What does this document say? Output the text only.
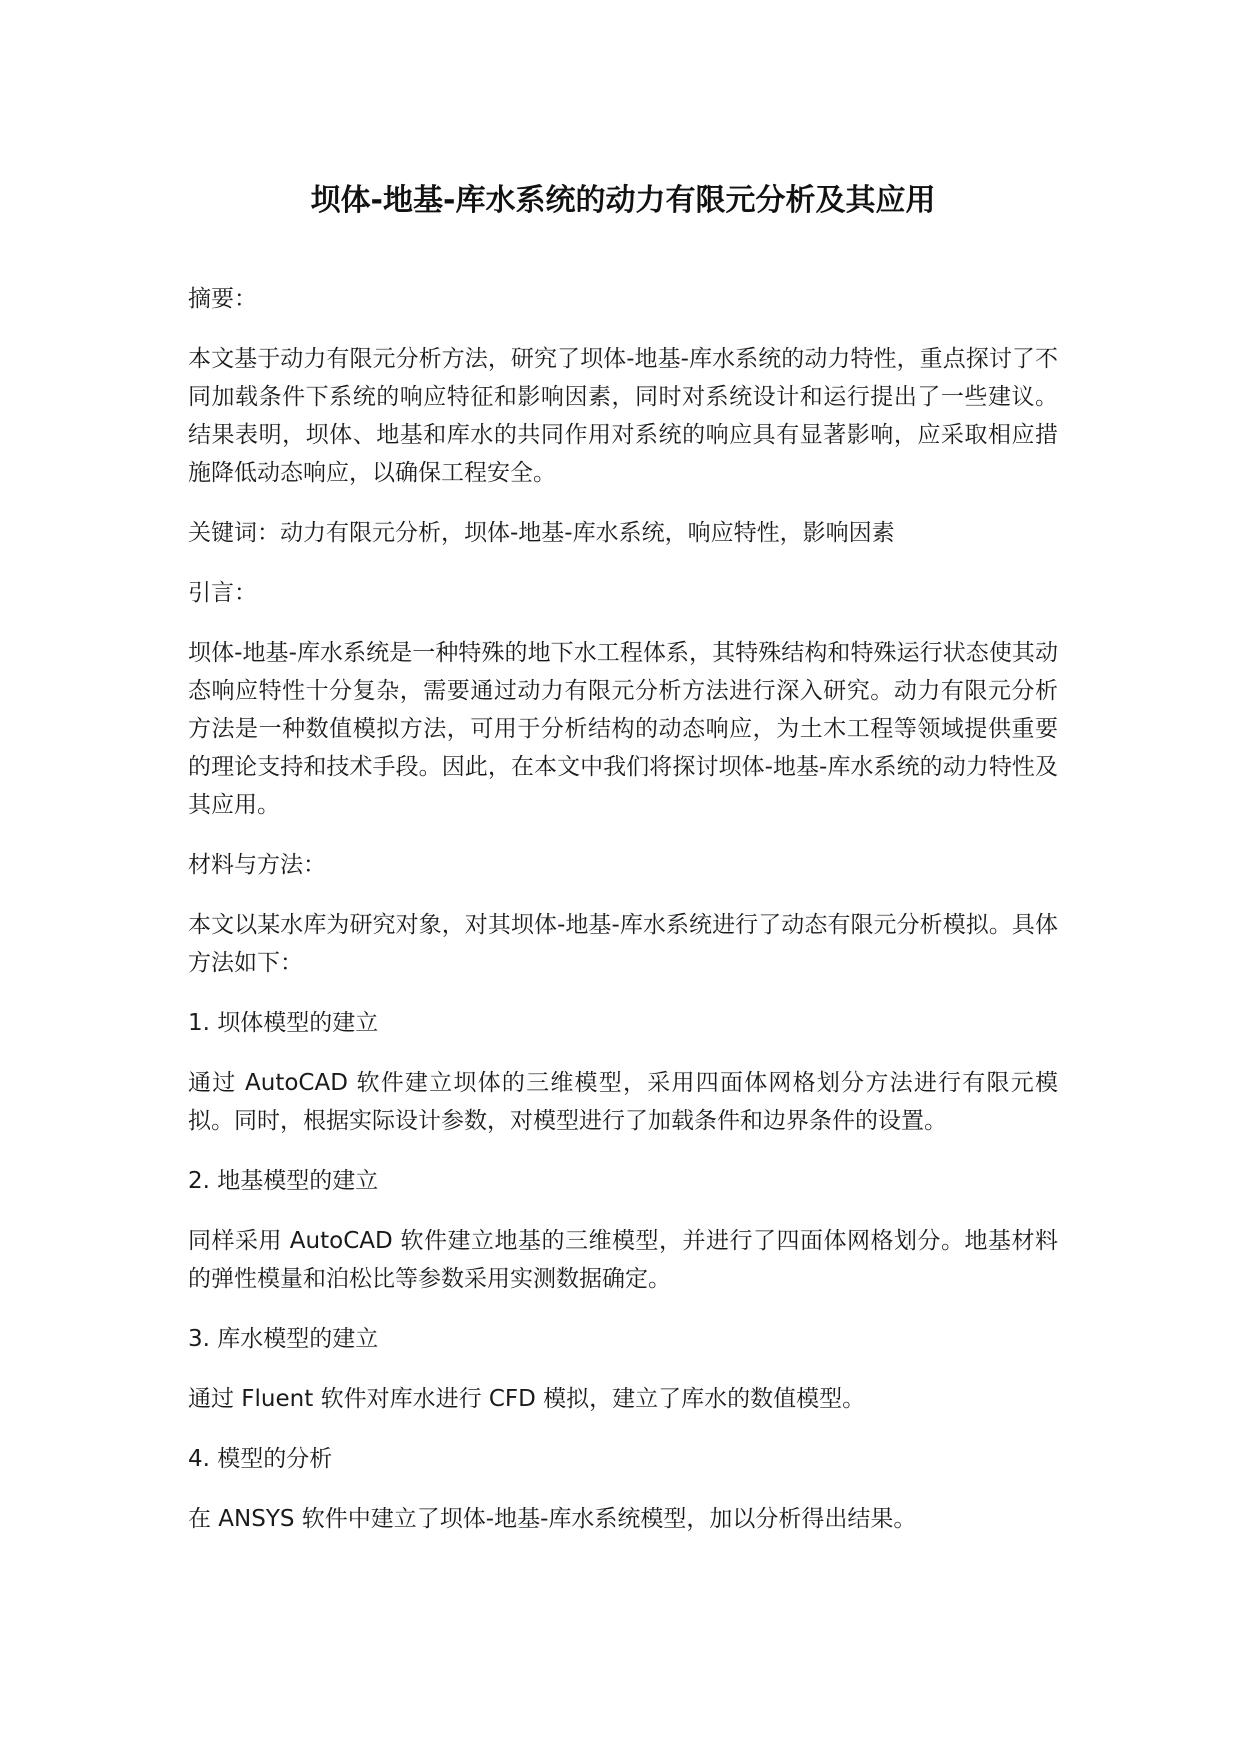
坝体-地基-库水系统的动力有限元分析及其应用

摘要：

本文基于动力有限元分析方法，研究了坝体-地基-库水系统的动力特性，重点探讨了不同加载条件下系统的响应特征和影响因素，同时对系统设计和运行提出了一些建议。结果表明，坝体、地基和库水的共同作用对系统的响应具有显著影响，应采取相应措施降低动态响应，以确保工程安全。

关键词：动力有限元分析，坝体-地基-库水系统，响应特性，影响因素

引言：

坝体-地基-库水系统是一种特殊的地下水工程体系，其特殊结构和特殊运行状态使其动态响应特性十分复杂，需要通过动力有限元分析方法进行深入研究。动力有限元分析方法是一种数值模拟方法，可用于分析结构的动态响应，为土木工程等领域提供重要的理论支持和技术手段。因此，在本文中我们将探讨坝体-地基-库水系统的动力特性及其应用。

材料与方法：

本文以某水库为研究对象，对其坝体-地基-库水系统进行了动态有限元分析模拟。具体方法如下：

1. 坝体模型的建立

通过 AutoCAD 软件建立坝体的三维模型，采用四面体网格划分方法进行有限元模拟。同时，根据实际设计参数，对模型进行了加载条件和边界条件的设置。

2. 地基模型的建立

同样采用 AutoCAD 软件建立地基的三维模型，并进行了四面体网格划分。地基材料的弹性模量和泊松比等参数采用实测数据确定。

3. 库水模型的建立

通过 Fluent 软件对库水进行 CFD 模拟，建立了库水的数值模型。

4. 模型的分析

在 ANSYS 软件中建立了坝体-地基-库水系统模型，加以分析得出结果。
